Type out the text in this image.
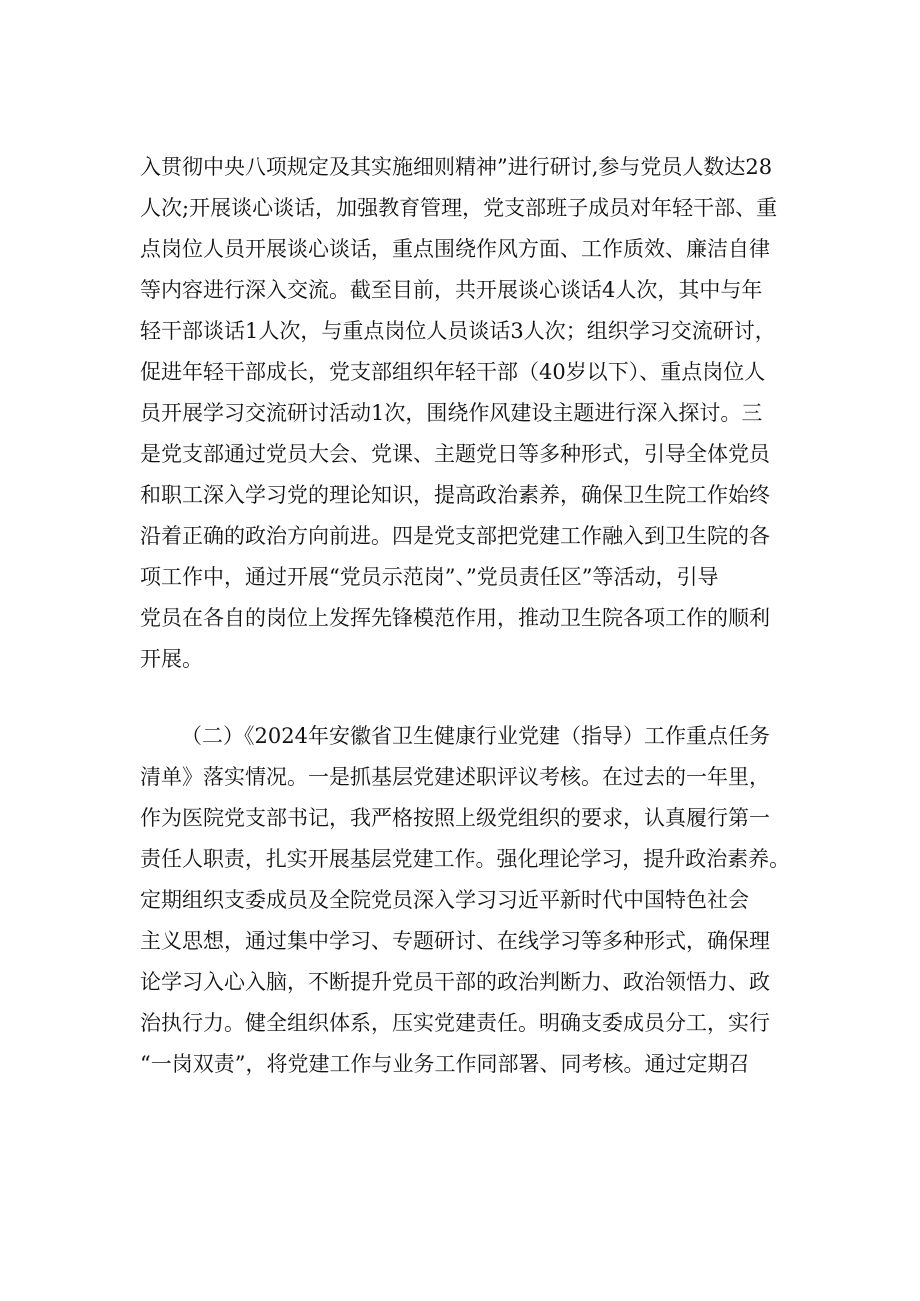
入贯彻中央八项规定及其实施细则精神”进行研讨,参与党员人数达28
人次;开展谈心谈话，加强教育管理，党支部班子成员对年轻干部、重
点岗位人员开展谈心谈话，重点围绕作风方面、工作质效、廉洁自律
等内容进行深入交流。截至目前，共开展谈心谈话4人次，其中与年
轻干部谈话1人次，与重点岗位人员谈话3人次；组织学习交流研讨，
促进年轻干部成长，党支部组织年轻干部（40岁以下）、重点岗位人
员开展学习交流研讨活动1次，围绕作风建设主题进行深入探讨。三
是党支部通过党员大会、党课、主题党日等多种形式，引导全体党员
和职工深入学习党的理论知识，提高政治素养，确保卫生院工作始终
沿着正确的政治方向前进。四是党支部把党建工作融入到卫生院的各
项工作中，通过开展“党员示范岗”、”党员责任区”等活动，引导
党员在各自的岗位上发挥先锋模范作用，推动卫生院各项工作的顺利
开展。
（二）《2024年安徽省卫生健康行业党建（指导）工作重点任务
清单》落实情况。一是抓基层党建述职评议考核。在过去的一年里，
作为医院党支部书记，我严格按照上级党组织的要求，认真履行第一
责任人职责，扎实开展基层党建工作。强化理论学习，提升政治素养。
定期组织支委成员及全院党员深入学习习近平新时代中国特色社会
主义思想，通过集中学习、专题研讨、在线学习等多种形式，确保理
论学习入心入脑，不断提升党员干部的政治判断力、政治领悟力、政
治执行力。健全组织体系，压实党建责任。明确支委成员分工，实行
“一岗双责”，将党建工作与业务工作同部署、同考核。通过定期召
